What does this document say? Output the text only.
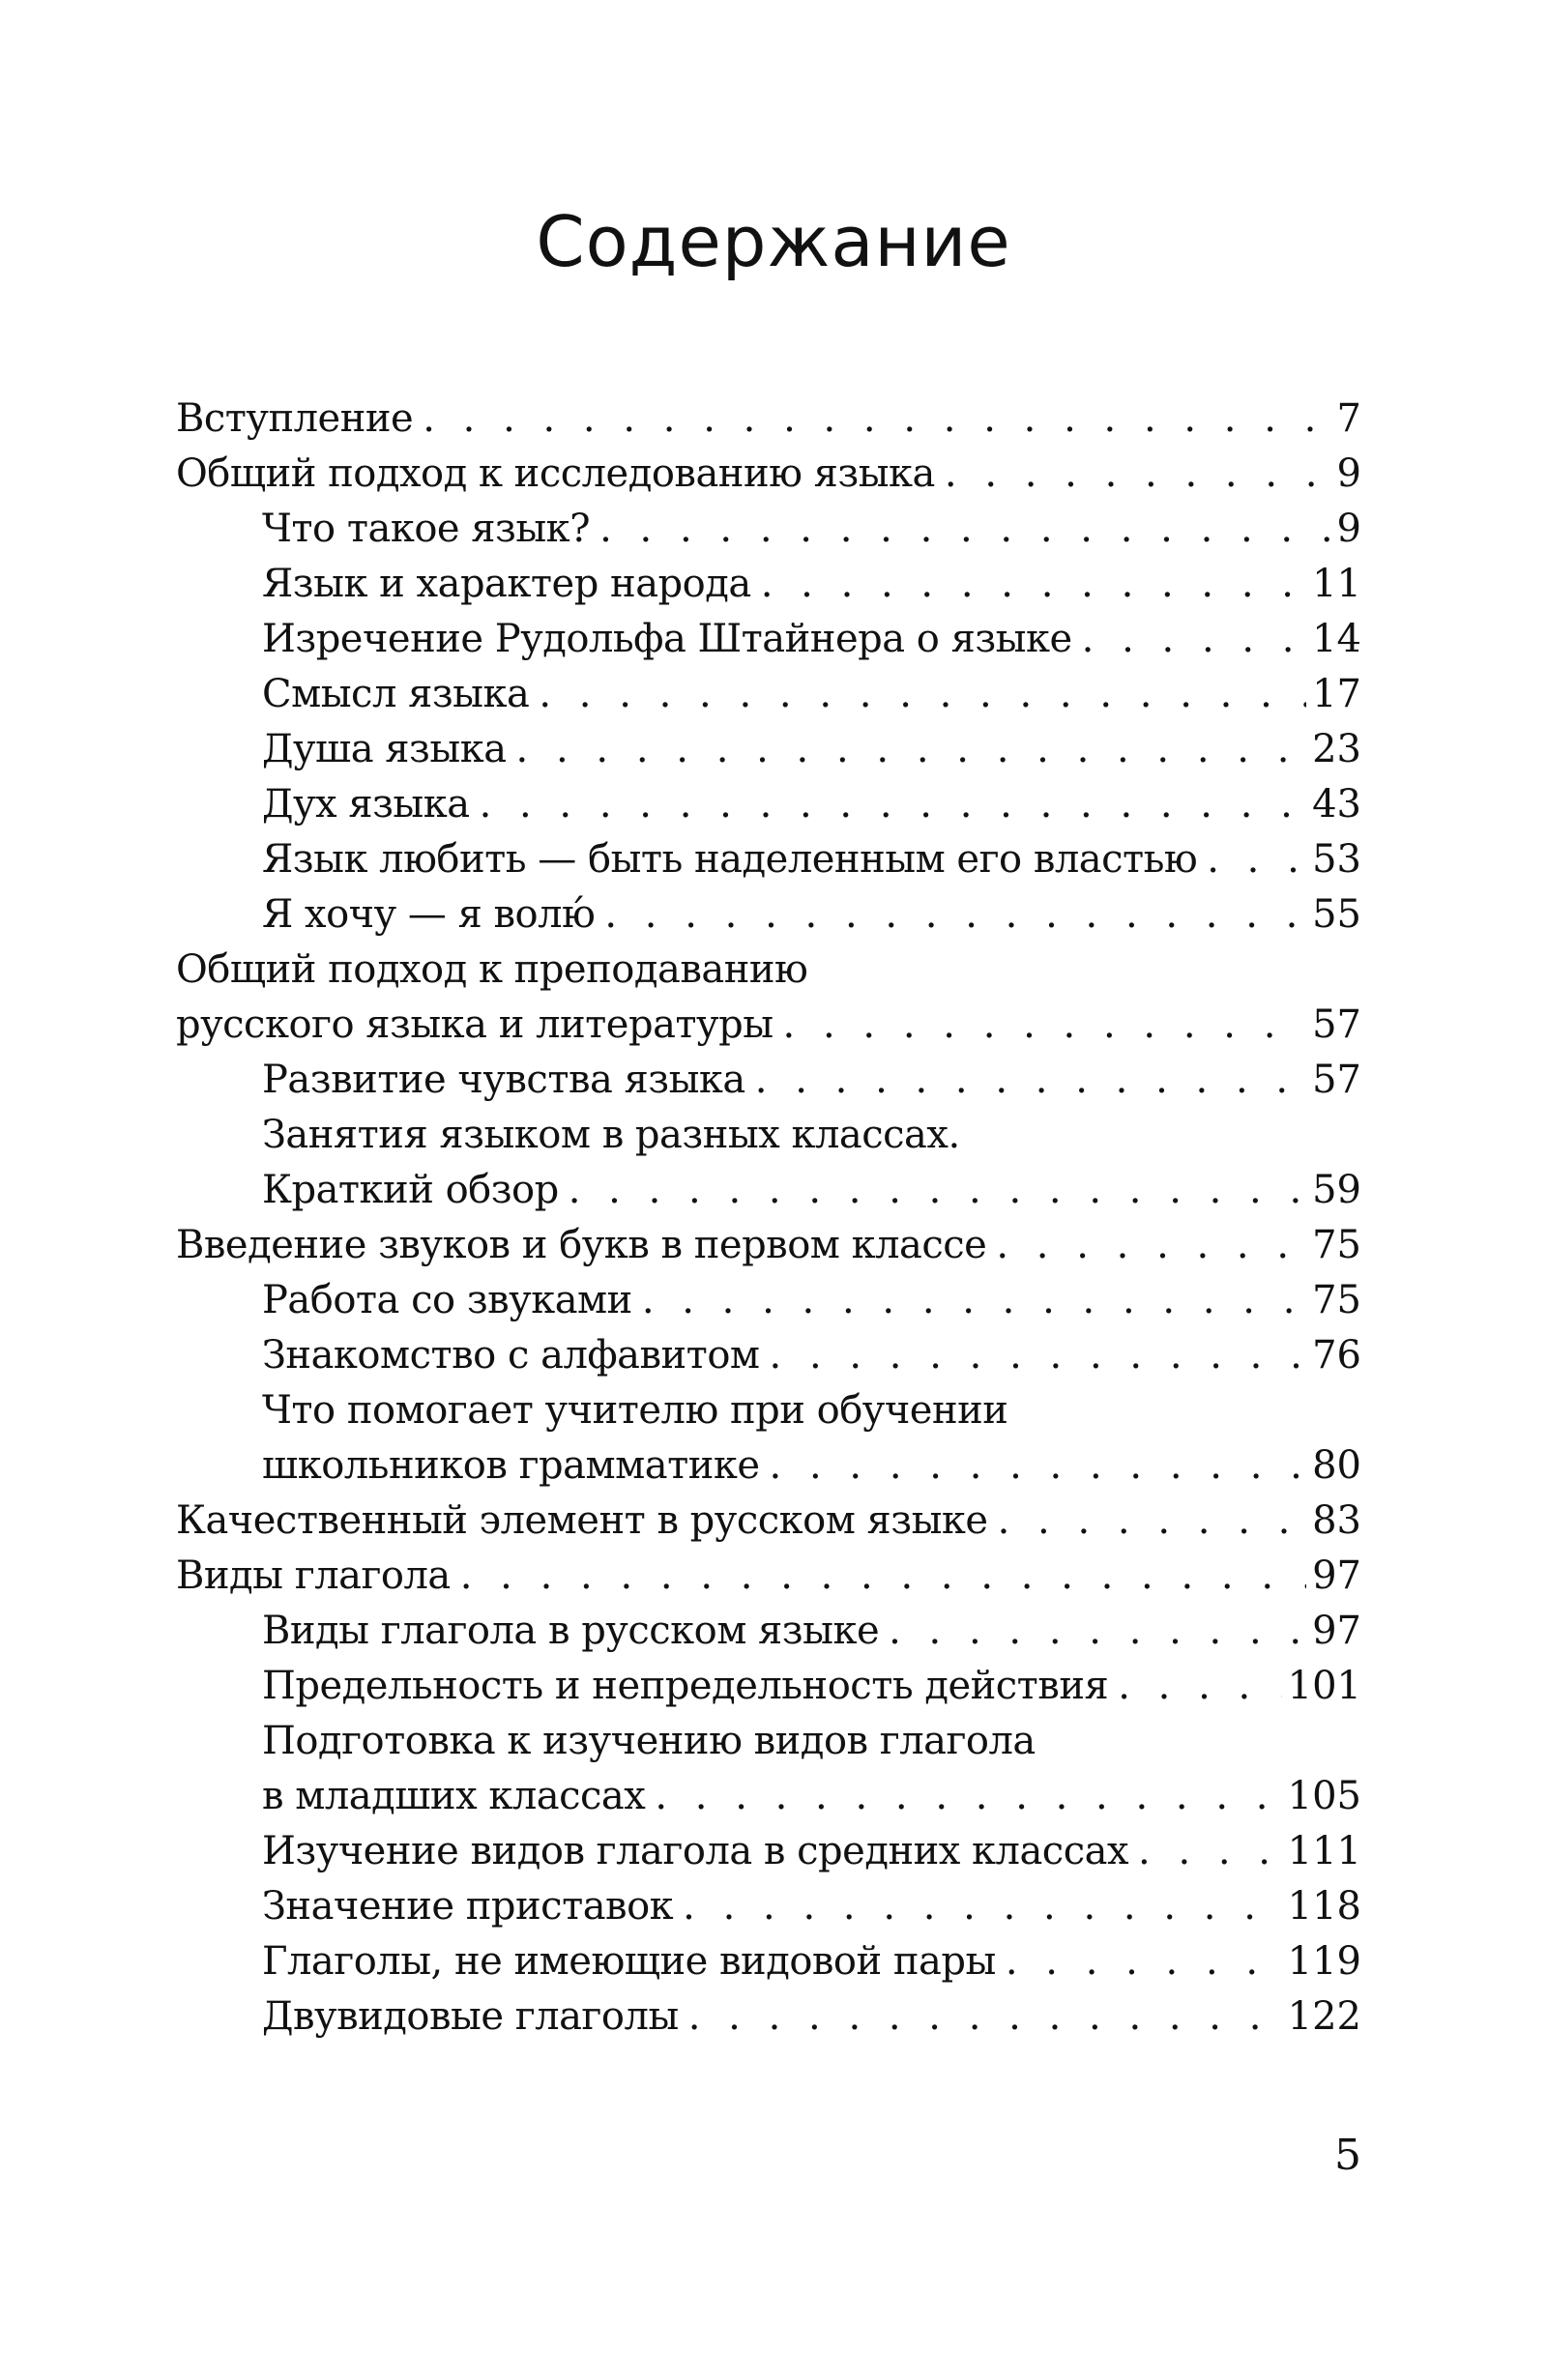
Содержание
Вступление . . .	7
Общий подход к исследованию языка . . .	9
Что такое язык? . . .	9
Язык и характер народа . . .	11
Изречение Рудольфа Штайнера о языке . . .	14
Смысл языка . . .	17
Душа языка . . .	23
Дух языка . . .	43
Язык любить — быть наделенным его властью . . .	53
Я хочу — я волю́ . . .	55
Общий подход к преподаванию
русского языка и литературы . . .	57
Развитие чувства языка . . .	57
Занятия языком в разных классах.
Краткий обзор . . .	59
Введение звуков и букв в первом классе . . .	75
Работа со звуками . . .	75
Знакомство с алфавитом . . .	76
Что помогает учителю при обучении
школьников грамматике . . .	80
Качественный элемент в русском языке . . .	83
Виды глагола . . .	97
Виды глагола в русском языке . . .	97
Предельность и непредельность действия . . .	101
Подготовка к изучению видов глагола
в младших классах . . .	105
Изучение видов глагола в средних классах . . .	111
Значение приставок . . .	118
Глаголы, не имеющие видовой пары . . .	119
Двувидовые глаголы . . .	122
5
